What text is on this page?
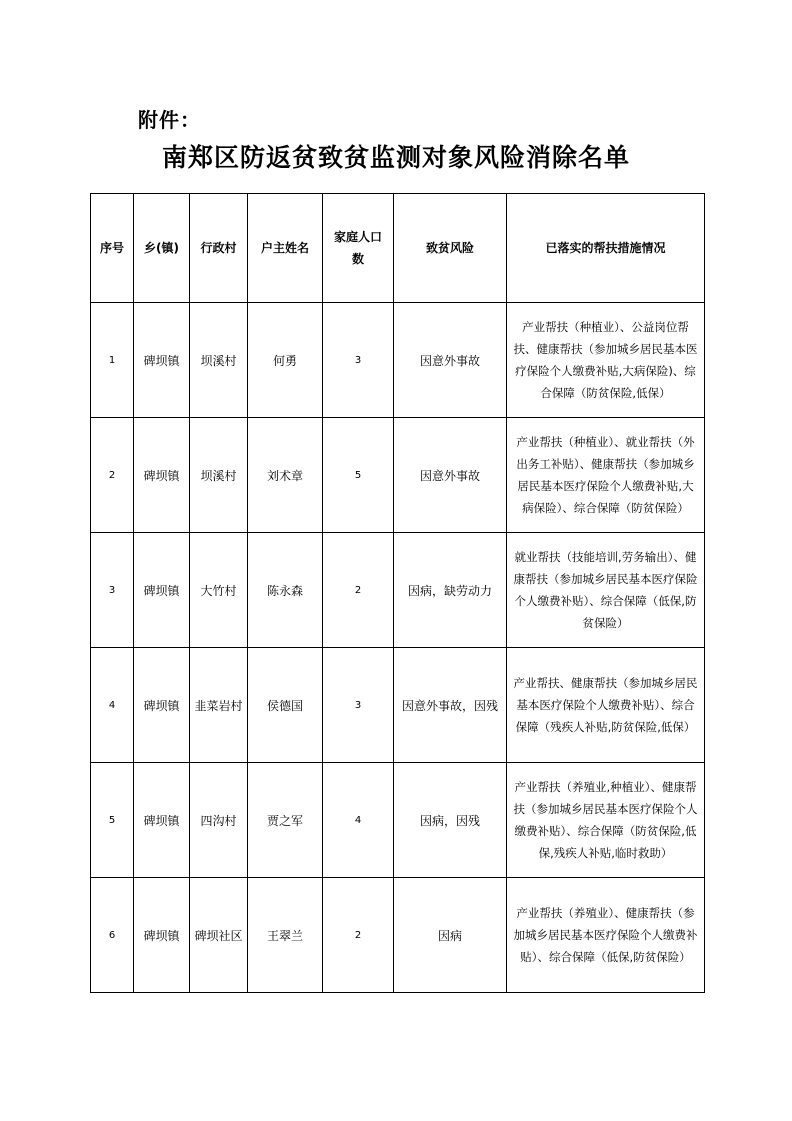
附件：
南郑区防返贫致贫监测对象风险消除名单
序号	乡(镇)	行政村	户主姓名	家庭人口数	致贫风险	已落实的帮扶措施情况
1	碑坝镇	坝溪村	何勇	3	因意外事故	产业帮扶（种植业）、公益岗位帮扶、健康帮扶（参加城乡居民基本医疗保险个人缴费补贴,大病保险)、综合保障（防贫保险,低保）
2	碑坝镇	坝溪村	刘术章	5	因意外事故	产业帮扶（种植业）、就业帮扶（外出务工补贴）、健康帮扶（参加城乡居民基本医疗保险个人缴费补贴,大病保险）、综合保障（防贫保险）
3	碑坝镇	大竹村	陈永森	2	因病，缺劳动力	就业帮扶（技能培训,劳务输出）、健康帮扶（参加城乡居民基本医疗保险个人缴费补贴）、综合保障（低保,防贫保险）
4	碑坝镇	韭菜岩村	侯德国	3	因意外事故，因残	产业帮扶、健康帮扶（参加城乡居民基本医疗保险个人缴费补贴）、综合保障（残疾人补贴,防贫保险,低保）
5	碑坝镇	四沟村	贾之军	4	因病，因残	产业帮扶（养殖业,种植业）、健康帮扶（参加城乡居民基本医疗保险个人缴费补贴）、综合保障（防贫保险,低保,残疾人补贴,临时救助）
6	碑坝镇	碑坝社区	王翠兰	2	因病	产业帮扶（养殖业）、健康帮扶（参加城乡居民基本医疗保险个人缴费补贴）、综合保障（低保,防贫保险）
